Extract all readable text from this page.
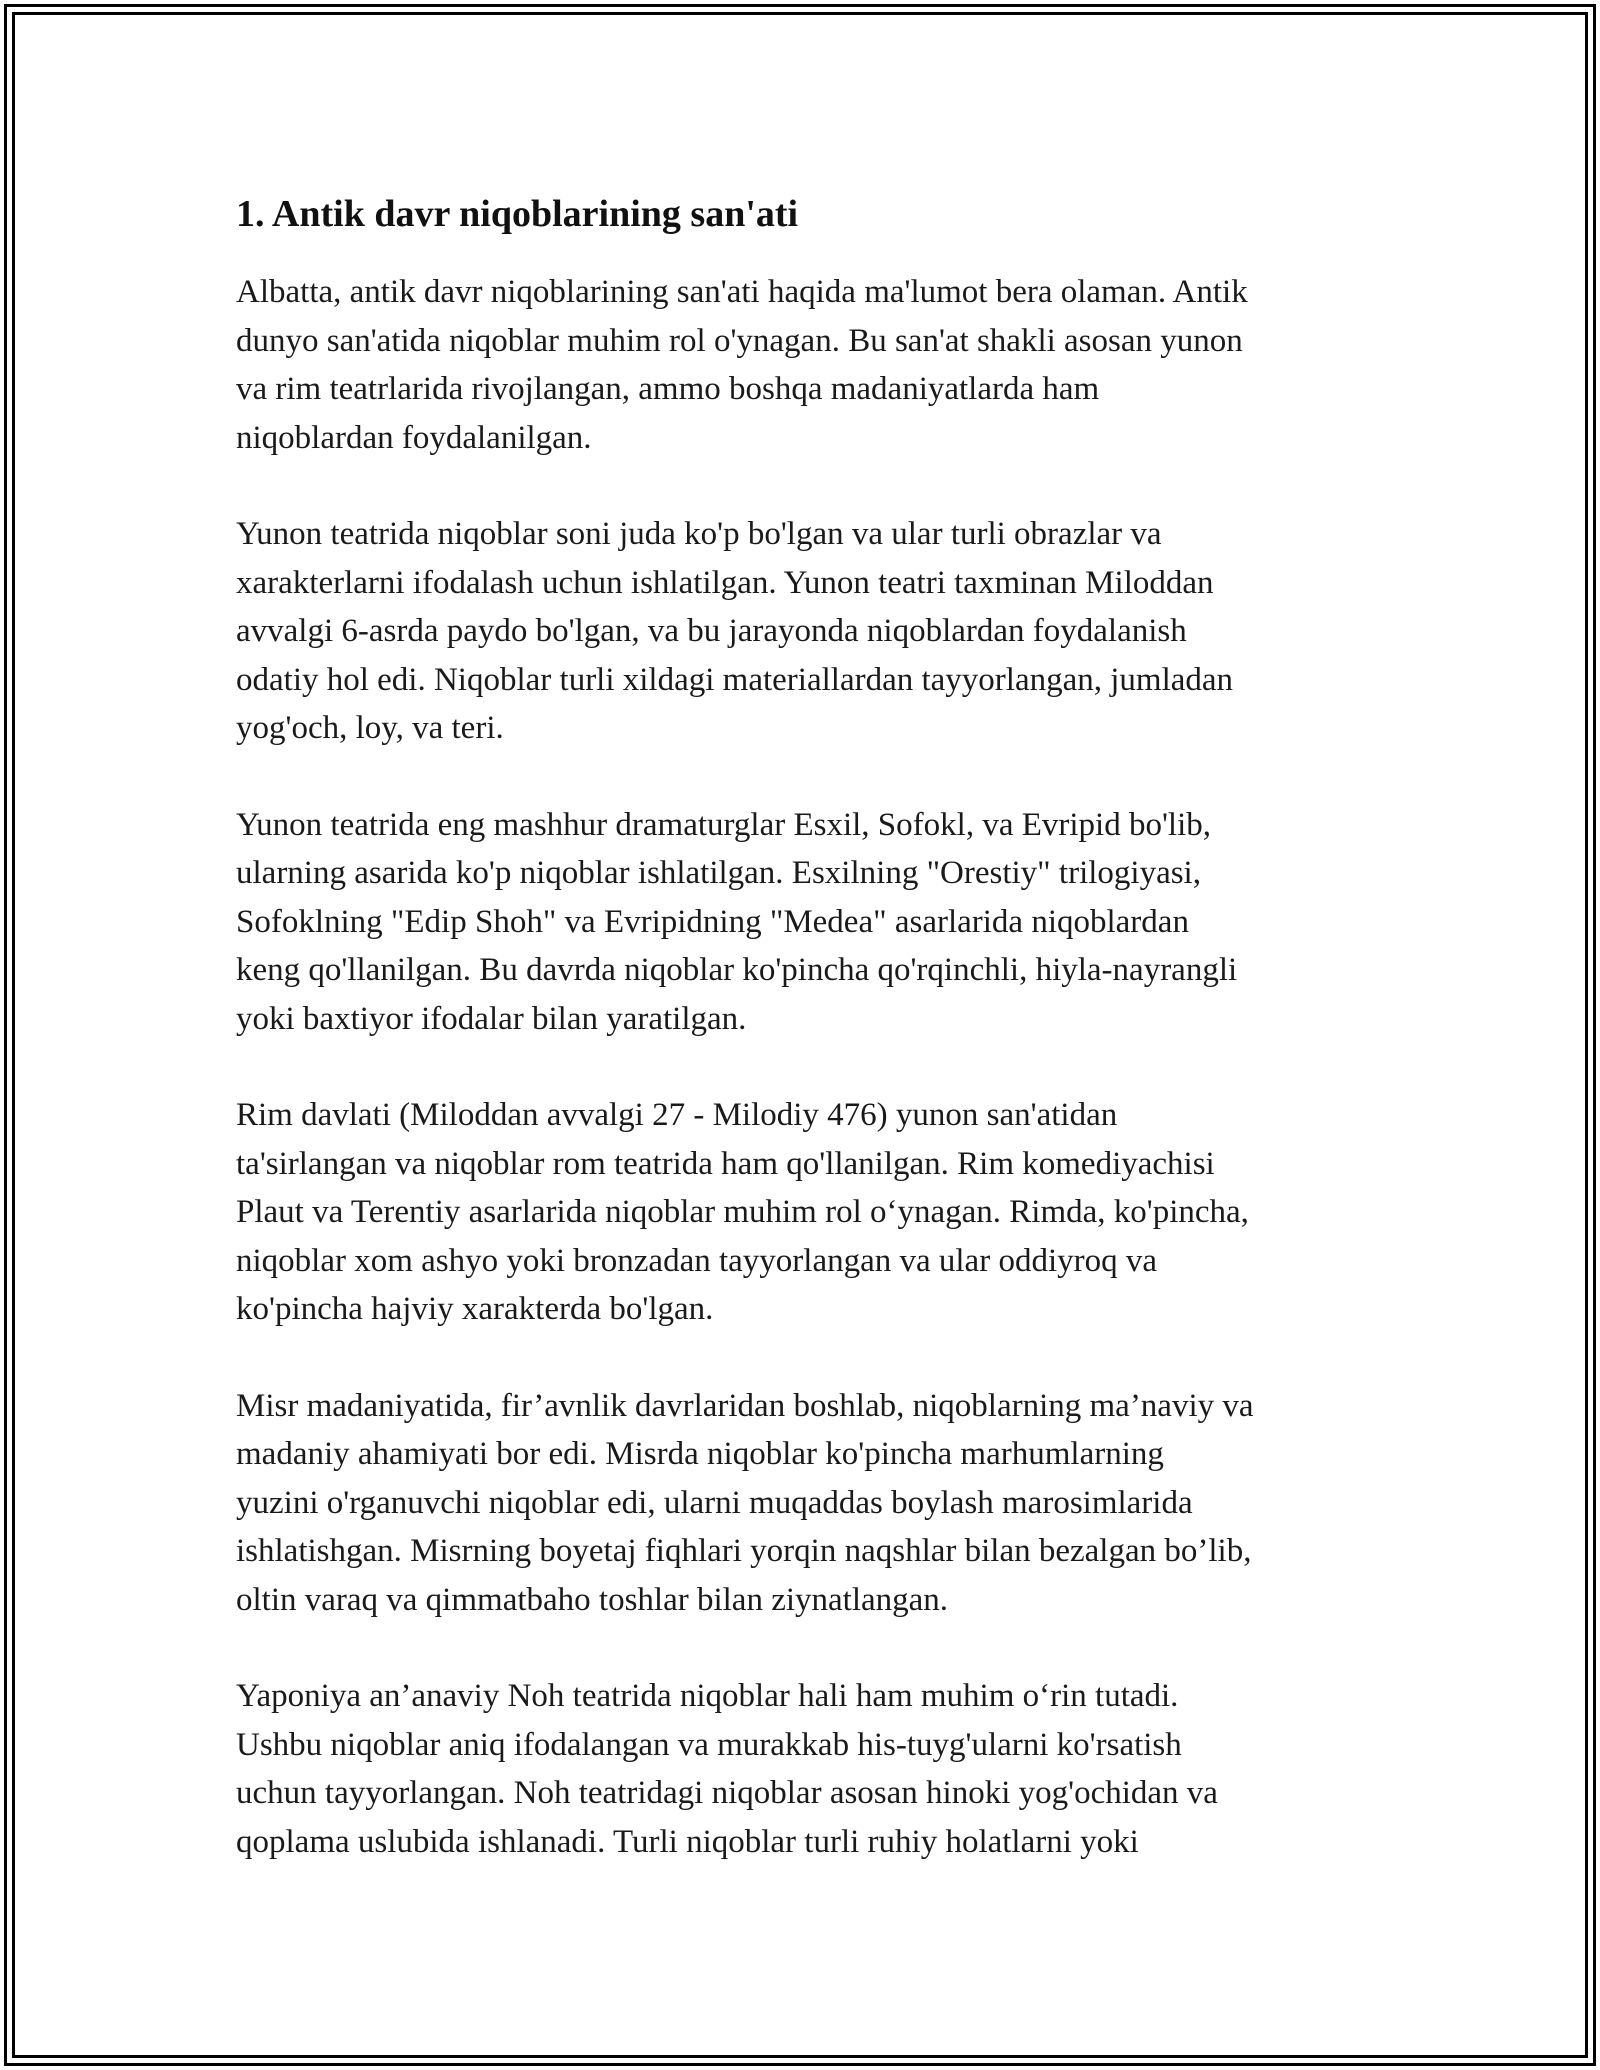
1. Antik davr niqoblarining san'ati

Albatta, antik davr niqoblarining san'ati haqida ma'lumot bera olaman. Antik
dunyo san'atida niqoblar muhim rol o'ynagan. Bu san'at shakli asosan yunon
va rim teatrlarida rivojlangan, ammo boshqa madaniyatlarda ham
niqoblardan foydalanilgan.

Yunon teatrida niqoblar soni juda ko'p bo'lgan va ular turli obrazlar va
xarakterlarni ifodalash uchun ishlatilgan. Yunon teatri taxminan Miloddan
avvalgi 6-asrda paydo bo'lgan, va bu jarayonda niqoblardan foydalanish
odatiy hol edi. Niqoblar turli xildagi materiallardan tayyorlangan, jumladan
yog'och, loy, va teri.

Yunon teatrida eng mashhur dramaturglar Esxil, Sofokl, va Evripid bo'lib,
ularning asarida ko'p niqoblar ishlatilgan. Esxilning "Orestiy" trilogiyasi,
Sofoklning "Edip Shoh" va Evripidning "Medea" asarlarida niqoblardan
keng qo'llanilgan. Bu davrda niqoblar ko'pincha qo'rqinchli, hiyla-nayrangli
yoki baxtiyor ifodalar bilan yaratilgan.

Rim davlati (Miloddan avvalgi 27 - Milodiy 476) yunon san'atidan
ta'sirlangan va niqoblar rom teatrida ham qo'llanilgan. Rim komediyachisi
Plaut va Terentiy asarlarida niqoblar muhim rol o‘ynagan. Rimda, ko'pincha,
niqoblar xom ashyo yoki bronzadan tayyorlangan va ular oddiyroq va
ko'pincha hajviy xarakterda bo'lgan.

Misr madaniyatida, fir’avnlik davrlaridan boshlab, niqoblarning ma’naviy va
madaniy ahamiyati bor edi. Misrda niqoblar ko'pincha marhumlarning
yuzini o'rganuvchi niqoblar edi, ularni muqaddas boylash marosimlarida
ishlatishgan. Misrning boyetaj fiqhlari yorqin naqshlar bilan bezalgan bo’lib,
oltin varaq va qimmatbaho toshlar bilan ziynatlangan.

Yaponiya an’anaviy Noh teatrida niqoblar hali ham muhim o‘rin tutadi.
Ushbu niqoblar aniq ifodalangan va murakkab his-tuyg'ularni ko'rsatish
uchun tayyorlangan. Noh teatridagi niqoblar asosan hinoki yog'ochidan va
qoplama uslubida ishlanadi. Turli niqoblar turli ruhiy holatlarni yoki
